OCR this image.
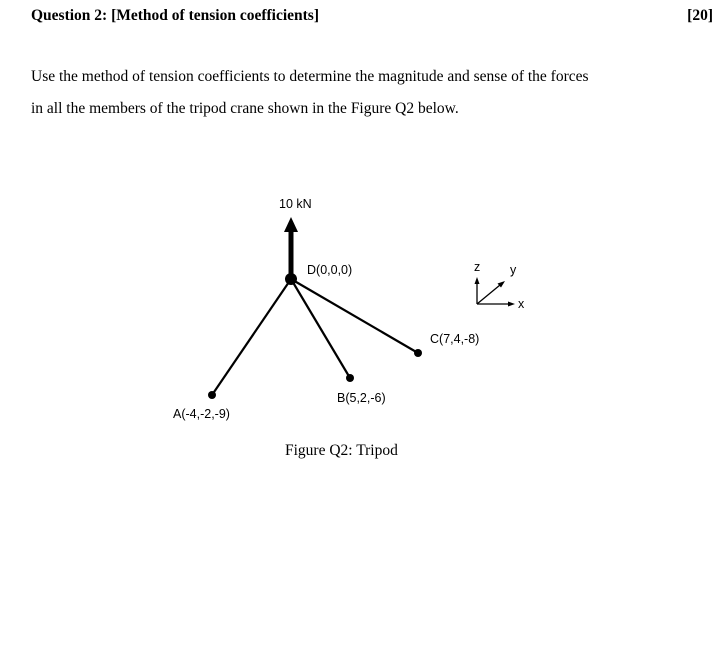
Question 2: [Method of tension coefficients]	[20]
Use the method of tension coefficients to determine the magnitude and sense of the forces
in all the members of the tripod crane shown in the Figure Q2 below.
10 kN
D(0,0,0)
A(-4,-2,-9)
B(5,2,-6)
C(7,4,-8)
z y
x
Figure Q2: Tripod
